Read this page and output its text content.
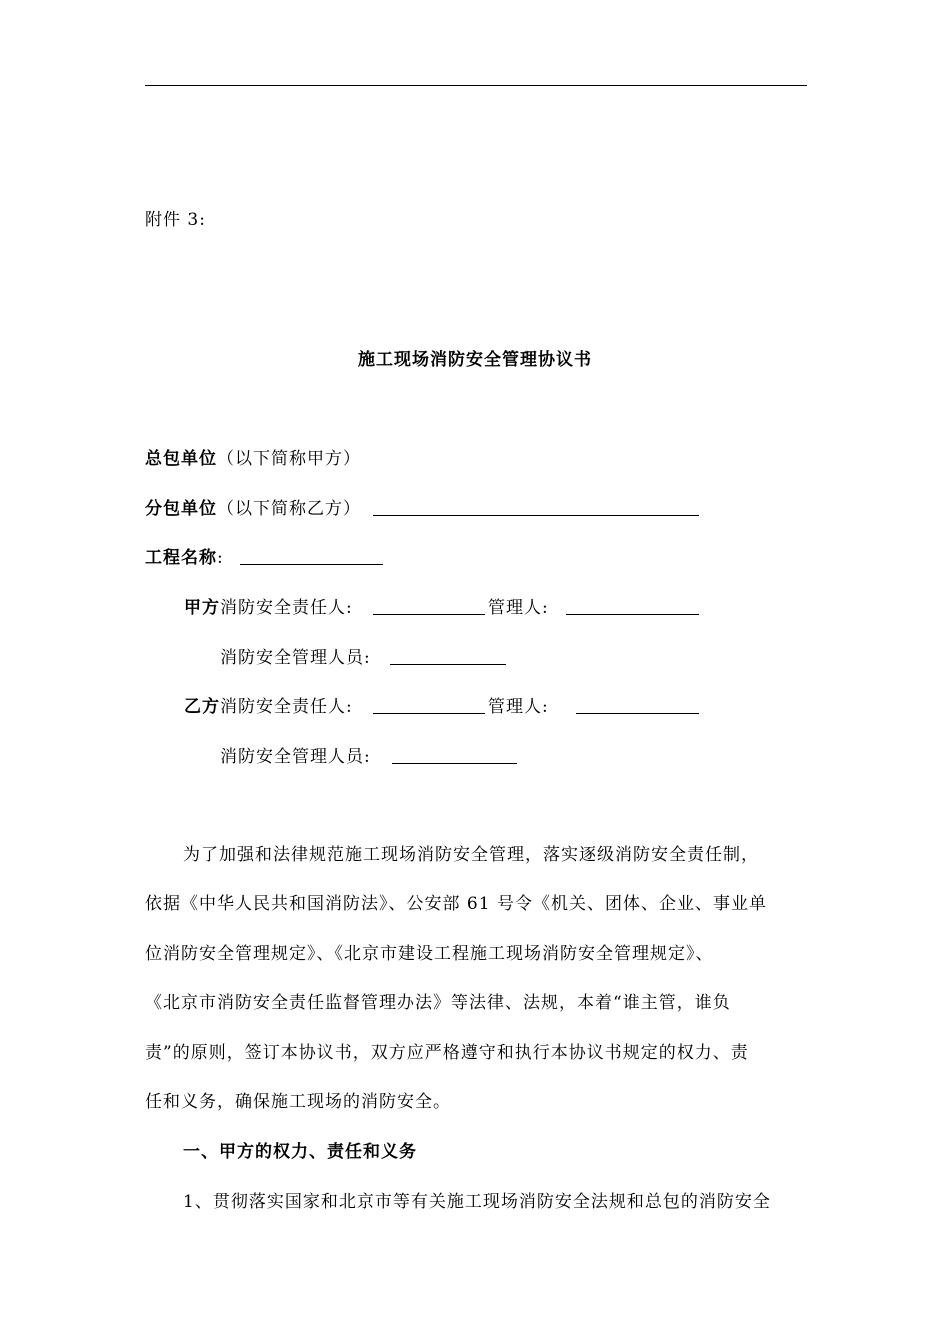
附件 3:
施工现场消防安全管理协议书
总包单位（以下简称甲方）
分包单位（以下简称乙方）
工程名称:
甲方消防安全责任人:	管理人:
消防安全管理人员:
乙方消防安全责任人:	管理人:
消防安全管理人员:
为了加强和法律规范施工现场消防安全管理，落实逐级消防安全责任制，
依据《中华人民共和国消防法》、公安部 61 号令《机关、团体、企业、事业单
位消防安全管理规定》、《北京市建设工程施工现场消防安全管理规定》、
《北京市消防安全责任监督管理办法》等法律、法规，本着“谁主管，谁负
责”的原则，签订本协议书，双方应严格遵守和执行本协议书规定的权力、责
任和义务，确保施工现场的消防安全。
一、甲方的权力、责任和义务
1、贯彻落实国家和北京市等有关施工现场消防安全法规和总包的消防安全
